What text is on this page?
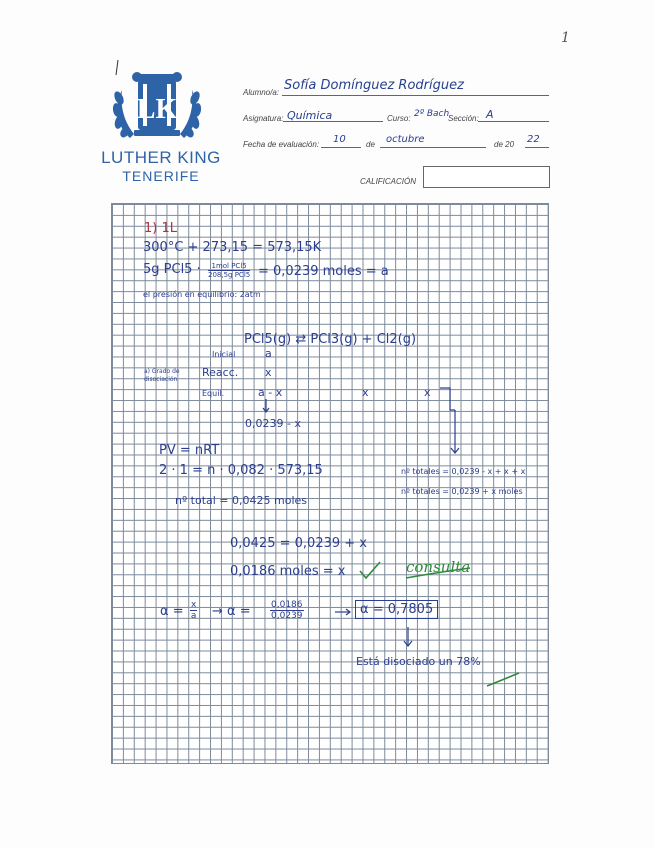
1
LK
LUTHER KING
TENERIFE
Alumno/a: Sofía Domínguez Rodríguez
Asignatura: Química	Curso: 2º Bach
Sección: A
Fecha de evaluación: 10	de octubre	de 20 22
CALIFICACIÓN
1) 1L
300°C + 273,15 = 573,15K
5g PCl5 ·	1mol PCl5
208,5g PCl5 = 0,0239 moles = a
el presión en equilibrio: 2atm
PCl5(g) ⇄ PCl3(g) + Cl2(g)
Inicial	a
a) Grado de disociación
Reacc. x
Equil.	a - x	x	x
0,0239 - x
PV = nRT
2 · 1 = n · 0,082 · 573,15	nº totales = 0,0239 - x + x + x
nº totales = 0,0239 + x moles
nº total = 0,0425 moles
0,0425 = 0,0239 + x
0,0186 moles = x	consulta
$\alpha = \frac{x}{a} \to \alpha = \frac{0,0186}{0,0239}$	α = 0,7805
Está disociado un 78%
